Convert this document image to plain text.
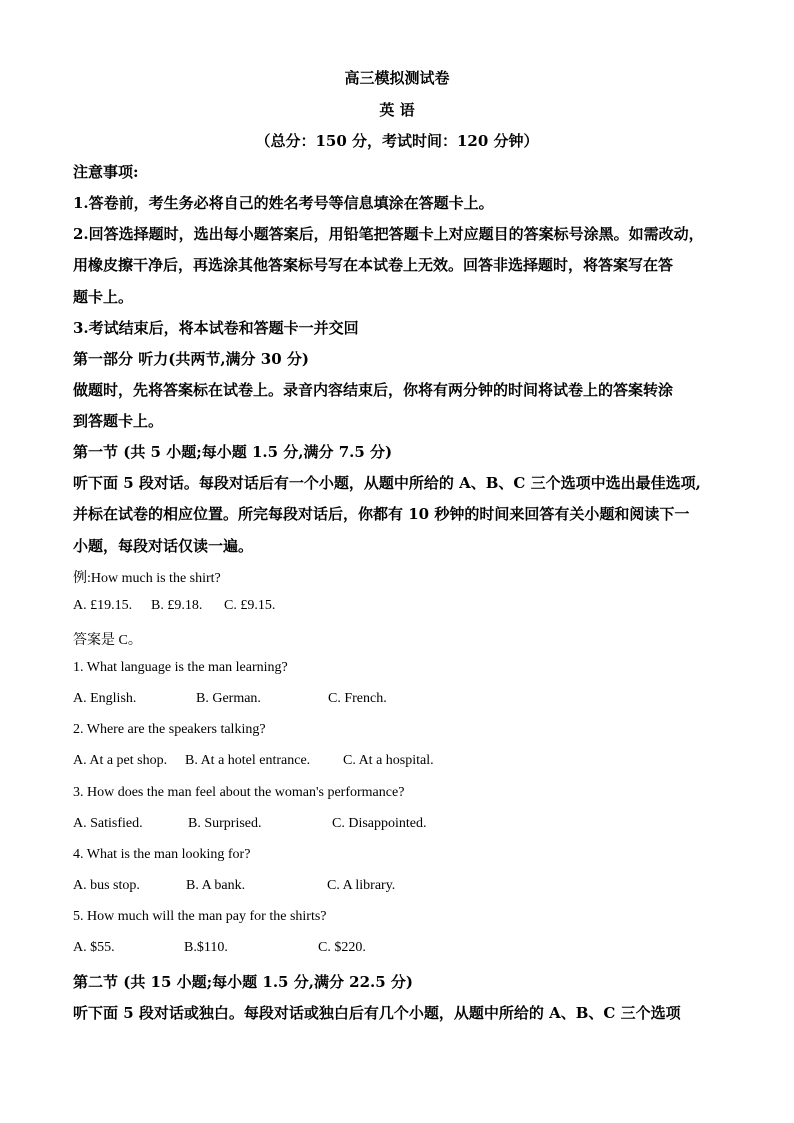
高三模拟测试卷
英 语
（总分：150 分，考试时间：120 分钟）
注意事项:
1.答卷前，考生务必将自己的姓名考号等信息填涂在答题卡上。
2.回答选择题时，选出每小题答案后，用铅笔把答题卡上对应题目的答案标号涂黑。如需改动，
用橡皮擦干净后，再选涂其他答案标号写在本试卷上无效。回答非选择题时，将答案写在答
题卡上。
3.考试结束后，将本试卷和答题卡一并交回
第一部分 听力(共两节,满分 30 分)
做题时，先将答案标在试卷上。录音内容结束后，你将有两分钟的时间将试卷上的答案转涂
到答题卡上。
第一节 (共 5 小题;每小题 1.5 分,满分 7.5 分)
听下面 5 段对话。每段对话后有一个小题，从题中所给的 A、B、C 三个选项中选出最佳选项,
并标在试卷的相应位置。所完每段对话后，你都有 10 秒钟的时间来回答有关小题和阅读下一
小题，每段对话仅读一遍。
例:How much is the shirt?
A. £19.15. B. £9.18. C. £9.15.
答案是 C。
1. What language is the man learning?
A. English.	B. German.	C. French.
2. Where are the speakers talking?
A. At a pet shop. B. At a hotel entrance. C. At a hospital.
3. How does the man feel about the woman's performance?
A. Satisfied.	B. Surprised.	C. Disappointed.
4. What is the man looking for?
A. bus stop.	B. A bank.	C. A library.
5. How much will the man pay for the shirts?
A. $55.	B.$110.	C. $220.
第二节 (共 15 小题;每小题 1.5 分,满分 22.5 分)
听下面 5 段对话或独白。每段对话或独白后有几个小题，从题中所给的 A、B、C 三个选项
